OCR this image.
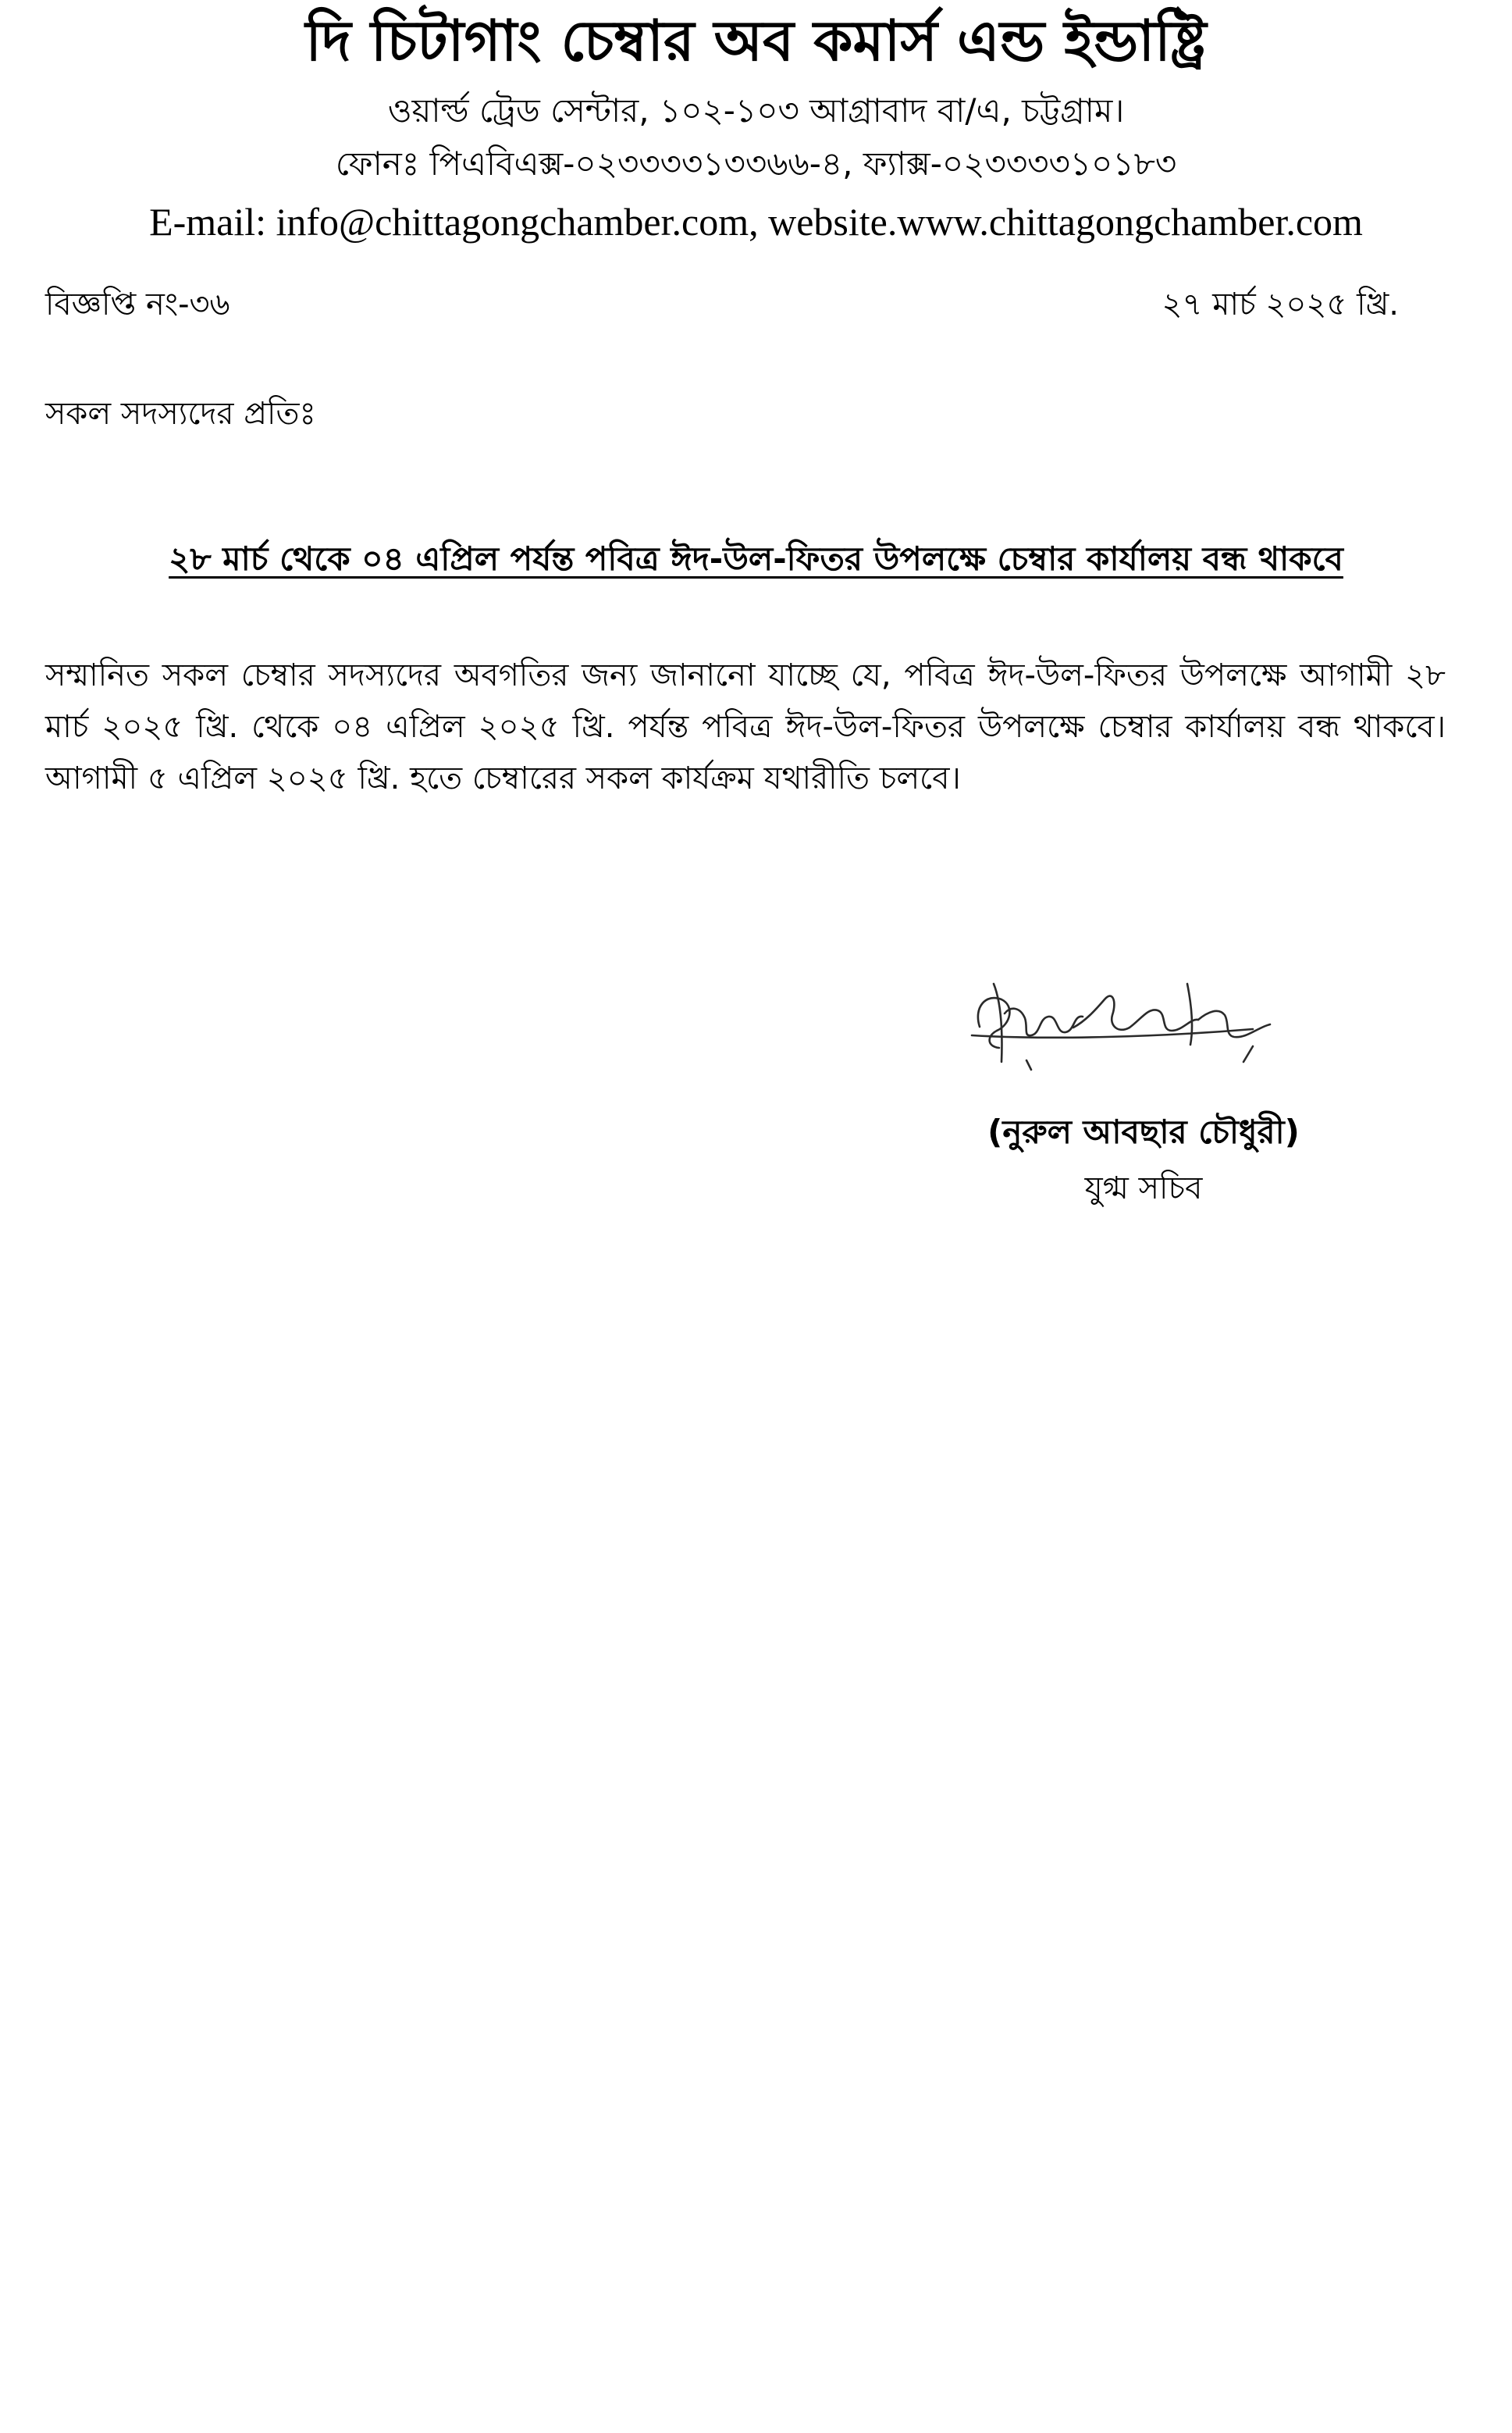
দি চিটাগাং চেম্বার অব কমার্স এন্ড ইন্ডাষ্ট্রি
ওয়ার্ল্ড ট্রেড সেন্টার, ১০২-১০৩ আগ্রাবাদ বা/এ, চট্টগ্রাম।
ফোনঃ পিএবিএক্স-০২৩৩৩৩১৩৩৬৬-৪, ফ্যাক্স-০২৩৩৩৩১০১৮৩
E-mail: info@chittagongchamber.com, website.www.chittagongchamber.com
বিজ্ঞপ্তি নং-৩৬	২৭ মার্চ ২০২৫ খ্রি.
সকল সদস্যদের প্রতিঃ
২৮ মার্চ থেকে ০৪ এপ্রিল পর্যন্ত পবিত্র ঈদ-উল-ফিতর উপলক্ষে চেম্বার কার্যালয় বন্ধ থাকবে
সম্মানিত সকল চেম্বার সদস্যদের অবগতির জন্য জানানো যাচ্ছে যে, পবিত্র ঈদ-উল-ফিতর উপলক্ষে আগামী ২৮ মার্চ ২০২৫ খ্রি. থেকে ০৪ এপ্রিল ২০২৫ খ্রি. পর্যন্ত পবিত্র ঈদ-উল-ফিতর উপলক্ষে চেম্বার কার্যালয় বন্ধ থাকবে। আগামী ৫ এপ্রিল ২০২৫ খ্রি. হতে চেম্বারের সকল কার্যক্রম যথারীতি চলবে।
(নুরুল আবছার চৌধুরী)
যুগ্ম সচিব
